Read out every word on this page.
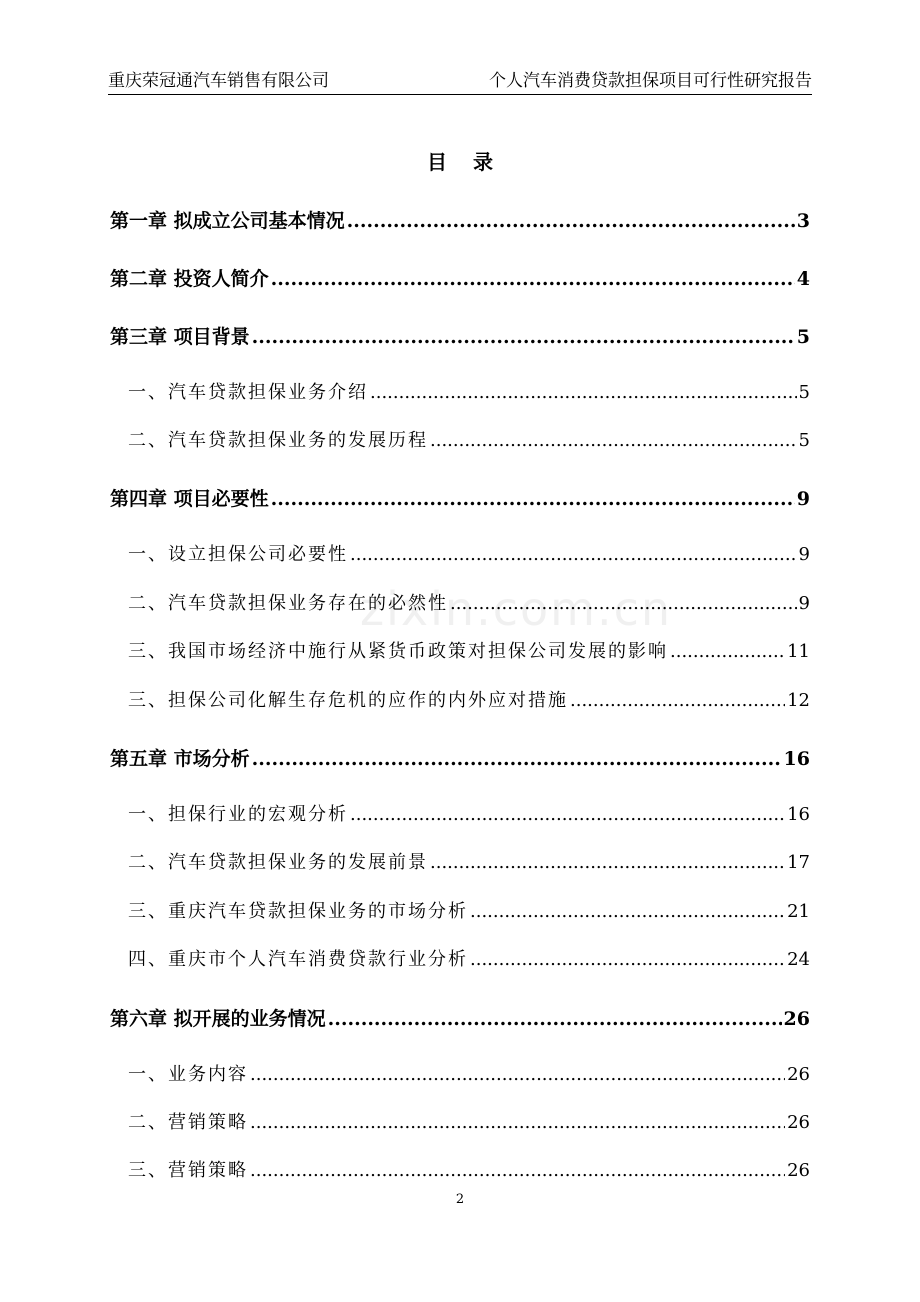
重庆荣冠通汽车销售有限公司	个人汽车消费贷款担保项目可行性研究报告
zixin.com.cn
目录
第一章 拟成立公司基本情况 .....	3
第二章 投资人简介 .....	4
第三章 项目背景 .....	5
一、汽车贷款担保业务介绍 .....	5
二、汽车贷款担保业务的发展历程 .....	5
第四章 项目必要性 .....	9
一、设立担保公司必要性 .....	9
二、汽车贷款担保业务存在的必然性 .....	9
三、我国市场经济中施行从紧货币政策对担保公司发展的影响 .....	11
三、担保公司化解生存危机的应作的内外应对措施 .....	12
第五章 市场分析 .....	16
一、担保行业的宏观分析 .....	16
二、汽车贷款担保业务的发展前景 .....	17
三、重庆汽车贷款担保业务的市场分析 .....	21
四、重庆市个人汽车消费贷款行业分析 .....	24
第六章 拟开展的业务情况 .....	26
一、业务内容 .....	26
二、营销策略 .....	26
三、营销策略 .....	26
2
